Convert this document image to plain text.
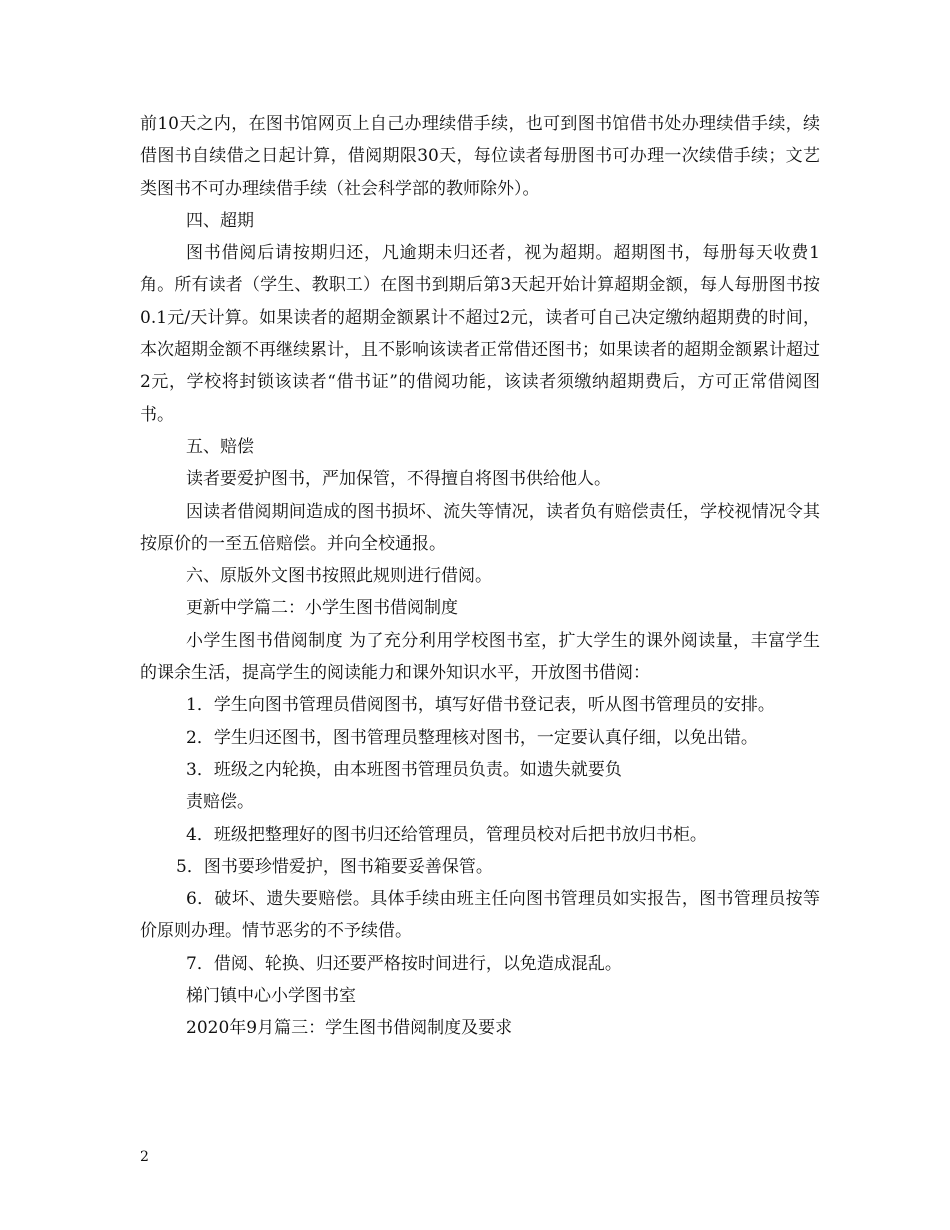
前10天之内，在图书馆网页上自己办理续借手续，也可到图书馆借书处办理续借手续，续借图书自续借之日起计算，借阅期限30天，每位读者每册图书可办理一次续借手续；文艺类图书不可办理续借手续（社会科学部的教师除外）。

四、超期

图书借阅后请按期归还，凡逾期未归还者，视为超期。超期图书，每册每天收费1角。所有读者（学生、教职工）在图书到期后第3天起开始计算超期金额，每人每册图书按0.1元/天计算。如果读者的超期金额累计不超过2元，读者可自己决定缴纳超期费的时间，本次超期金额不再继续累计，且不影响该读者正常借还图书；如果读者的超期金额累计超过2元，学校将封锁该读者“借书证”的借阅功能，该读者须缴纳超期费后，方可正常借阅图书。

五、赔偿

读者要爱护图书，严加保管，不得擅自将图书供给他人。

因读者借阅期间造成的图书损坏、流失等情况，读者负有赔偿责任，学校视情况令其按原价的一至五倍赔偿。并向全校通报。

六、原版外文图书按照此规则进行借阅。

更新中学篇二：小学生图书借阅制度

小学生图书借阅制度 为了充分利用学校图书室，扩大学生的课外阅读量，丰富学生的课余生活，提高学生的阅读能力和课外知识水平，开放图书借阅：

1．学生向图书管理员借阅图书，填写好借书登记表，听从图书管理员的安排。

2．学生归还图书，图书管理员整理核对图书，一定要认真仔细，以免出错。

3．班级之内轮换，由本班图书管理员负责。如遗失就要负

责赔偿。

4．班级把整理好的图书归还给管理员，管理员校对后把书放归书柜。

5．图书要珍惜爱护，图书箱要妥善保管。

6．破坏、遗失要赔偿。具体手续由班主任向图书管理员如实报告，图书管理员按等价原则办理。情节恶劣的不予续借。

7．借阅、轮换、归还要严格按时间进行，以免造成混乱。

梯门镇中心小学图书室

2020年9月篇三：学生图书借阅制度及要求

2
